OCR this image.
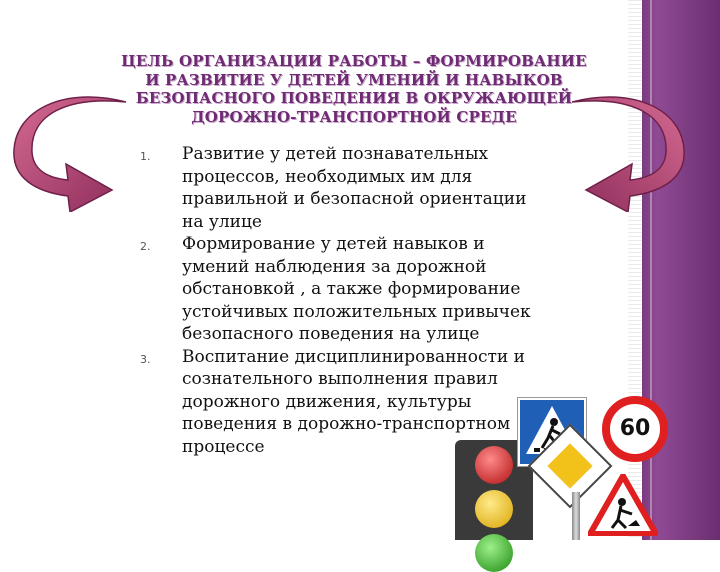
ЦЕЛЬ ОРГАНИЗАЦИИ РАБОТЫ – ФОРМИРОВАНИЕ И РАЗВИТИЕ У ДЕТЕЙ УМЕНИЙ И НАВЫКОВ БЕЗОПАСНОГО ПОВЕДЕНИЯ В ОКРУЖАЮЩЕЙ ДОРОЖНО-ТРАНСПОРТНОЙ СРЕДЕ
1. Развитие у детей познавательных процессов, необходимых им для правильной и безопасной ориентации на улице
2. Формирование у детей навыков и умений наблюдения за дорожной обстановкой , а также формирование устойчивых положительных привычек безопасного поведения на улице
3. Воспитание дисциплинированности и сознательного выполнения правил дорожного движения, культуры поведения в дорожно-транспортном процессе
60
